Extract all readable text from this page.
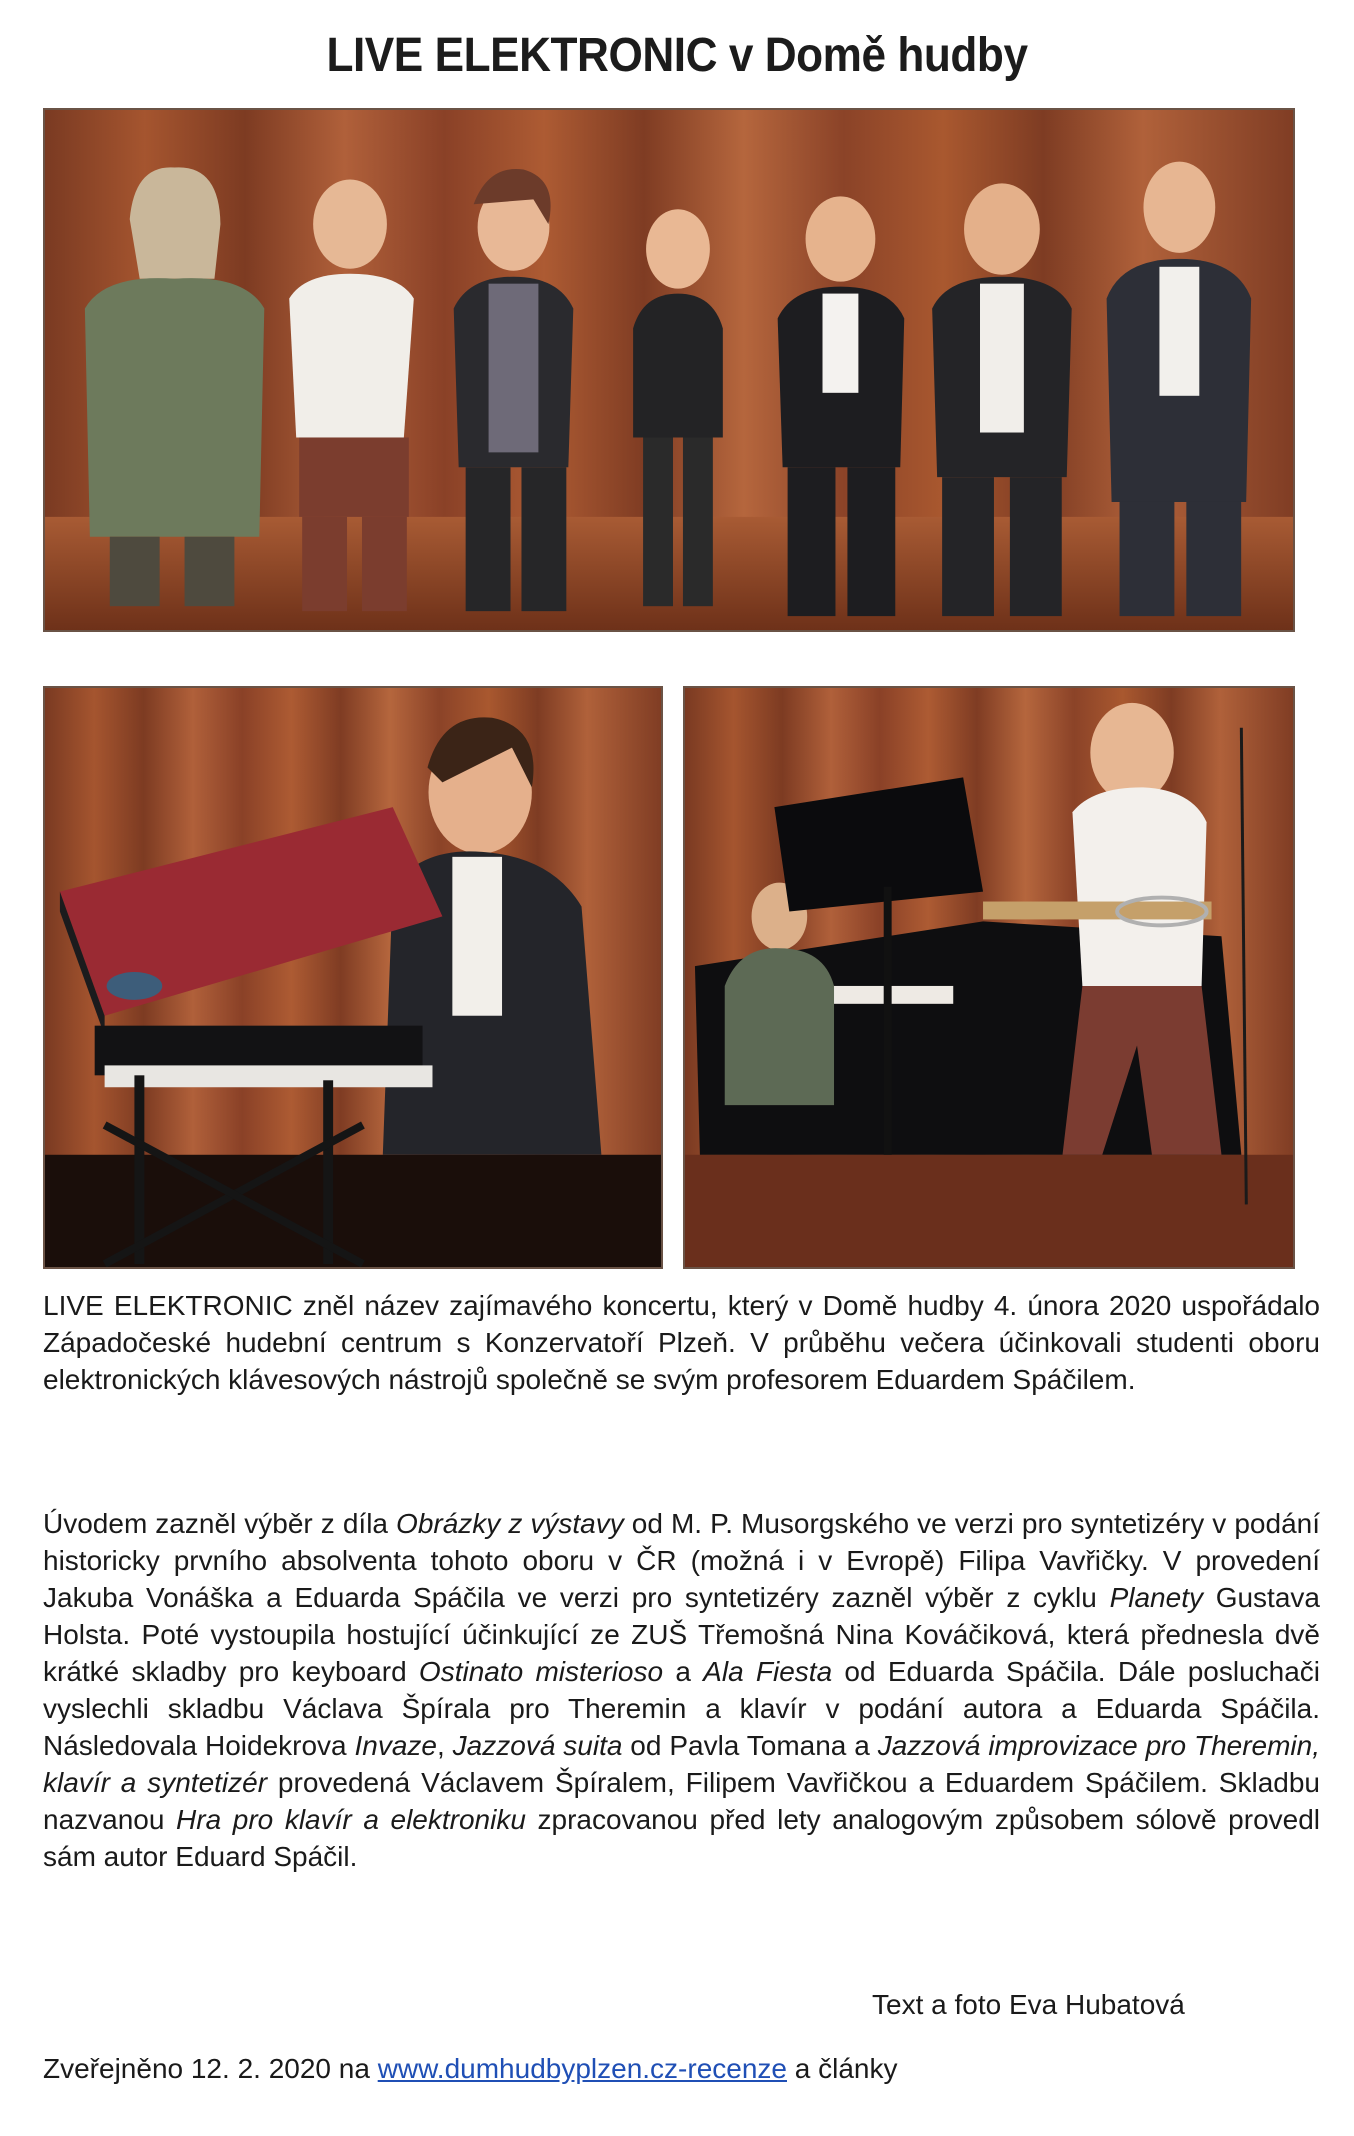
LIVE ELEKTRONIC v Domě hudby

LIVE ELEKTRONIC zněl název zajímavého koncertu, který v Domě hudby 4. února 2020 uspořádalo Západočeské hudební centrum s Konzervatoří Plzeň. V průběhu večera účinkovali studenti oboru elektronických klávesových nástrojů společně se svým profesorem Eduardem Spáčilem.

Úvodem zazněl výběr z díla Obrázky z výstavy od M. P. Musorgského ve verzi pro syntetizéry v podání historicky prvního absolventa tohoto oboru v ČR (možná i v Evropě) Filipa Vavřičky. V provedení Jakuba Vonáška a Eduarda Spáčila ve verzi pro syntetizéry zazněl výběr z cyklu Planety Gustava Holsta. Poté vystoupila hostující účinkující ze ZUŠ Třemošná Nina Kováčiková, která přednesla dvě krátké skladby pro keyboard Ostinato misterioso a Ala Fiesta od Eduarda Spáčila. Dále posluchači vyslechli skladbu Václava Špírala pro Theremin a klavír v podání autora a Eduarda Spáčila. Následovala Hoidekrova Invaze, Jazzová suita od Pavla Tomana a Jazzová improvizace pro Theremin, klavír a syntetizér provedená Václavem Špíralem, Filipem Vavřičkou a Eduardem Spáčilem. Skladbu nazvanou Hra pro klavír a elektroniku zpracovanou před lety analogovým způsobem sólově provedl sám autor Eduard Spáčil.

Text a foto Eva Hubatová
Zveřejněno 12. 2. 2020 na www.dumhudbyplzen.cz-recenze a články
